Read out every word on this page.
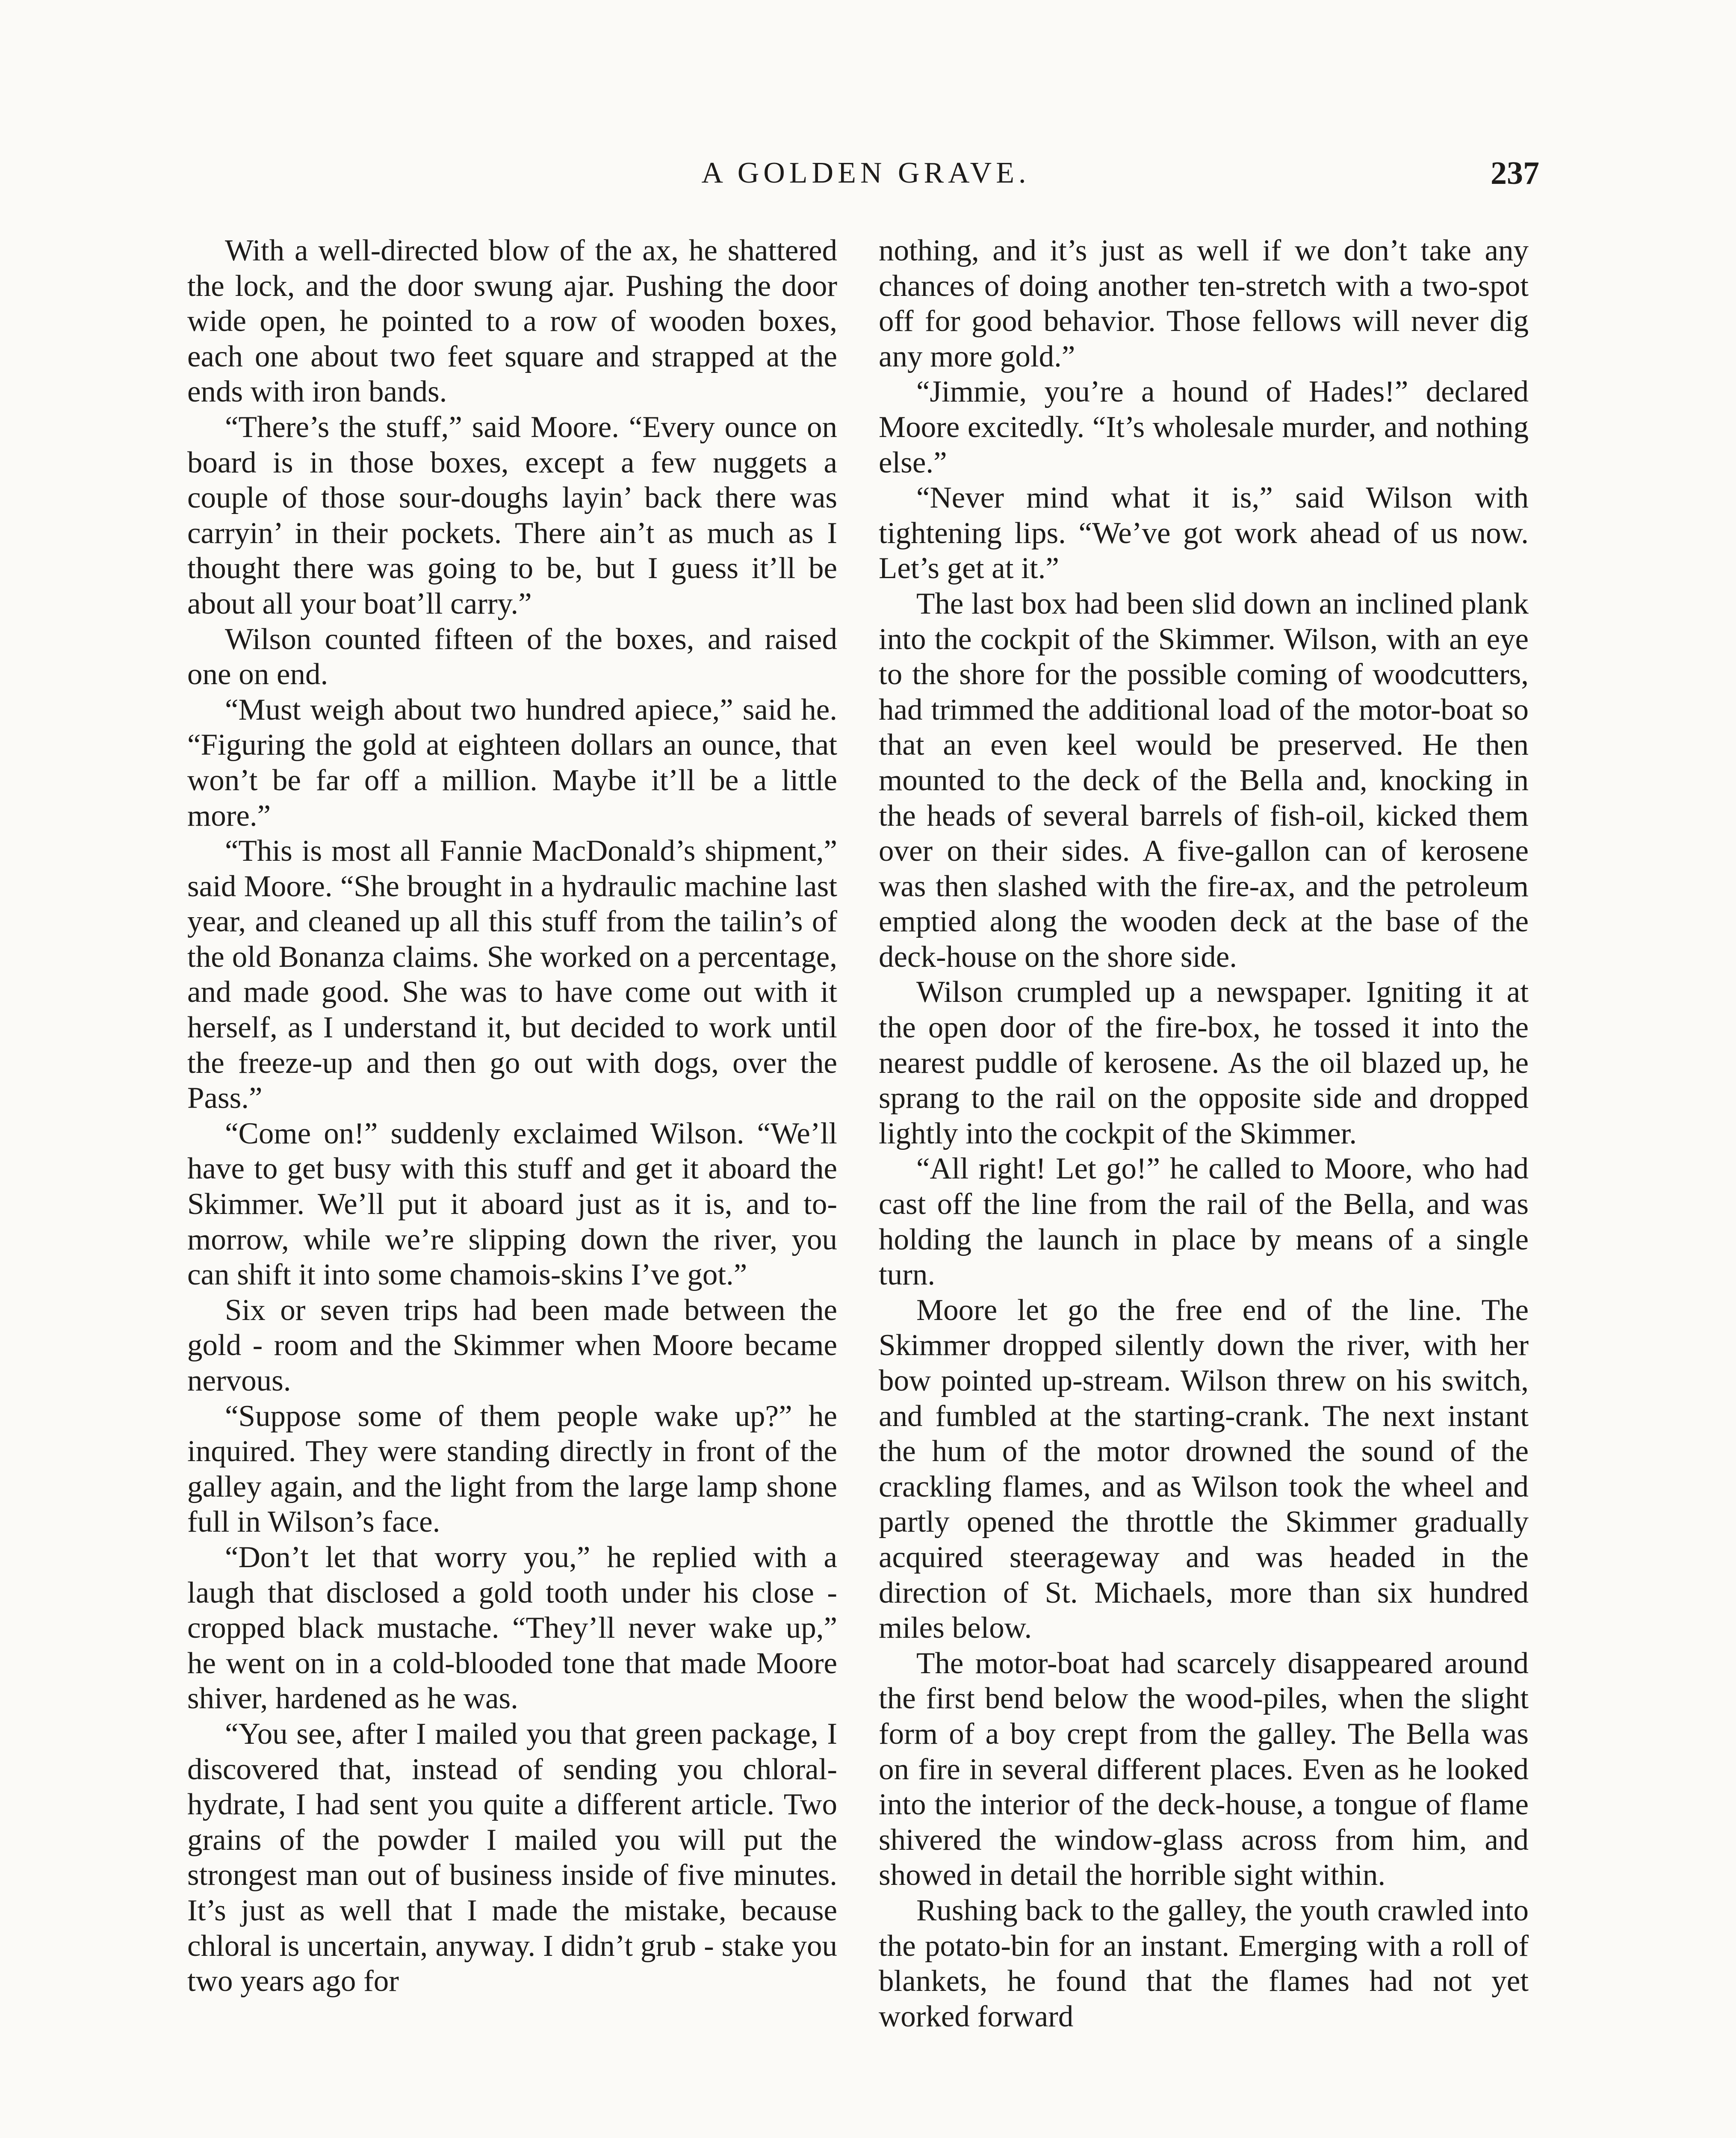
A GOLDEN GRAVE.	237

With a well-directed blow of the ax, he shattered the lock, and the door swung ajar. Pushing the door wide open, he pointed to a row of wooden boxes, each one about two feet square and strapped at the ends with iron bands.

“There’s the stuff,” said Moore. “Every ounce on board is in those boxes, except a few nuggets a couple of those sour-doughs layin’ back there was carryin’ in their pockets. There ain’t as much as I thought there was going to be, but I guess it’ll be about all your boat’ll carry.”

Wilson counted fifteen of the boxes, and raised one on end.

“Must weigh about two hundred apiece,” said he. “Figuring the gold at eighteen dollars an ounce, that won’t be far off a million. Maybe it’ll be a little more.”

“This is most all Fannie MacDonald’s shipment,” said Moore. “She brought in a hydraulic machine last year, and cleaned up all this stuff from the tailin’s of the old Bonanza claims. She worked on a percentage, and made good. She was to have come out with it herself, as I understand it, but decided to work until the freeze-up and then go out with dogs, over the Pass.”

“Come on!” suddenly exclaimed Wilson. “We’ll have to get busy with this stuff and get it aboard the Skimmer. We’ll put it aboard just as it is, and to-morrow, while we’re slipping down the river, you can shift it into some chamois-skins I’ve got.”

Six or seven trips had been made between the gold - room and the Skimmer when Moore became nervous.

“Suppose some of them people wake up?” he inquired. They were standing directly in front of the galley again, and the light from the large lamp shone full in Wilson’s face.

“Don’t let that worry you,” he replied with a laugh that disclosed a gold tooth under his close - cropped black mustache. “They’ll never wake up,” he went on in a cold-blooded tone that made Moore shiver, hardened as he was.

“You see, after I mailed you that green package, I discovered that, instead of sending you chloral-hydrate, I had sent you quite a different article. Two grains of the powder I mailed you will put the strongest man out of business inside of five minutes. It’s just as well that I made the mistake, because chloral is uncertain, anyway. I didn’t grub - stake you two years ago for

nothing, and it’s just as well if we don’t take any chances of doing another ten-stretch with a two-spot off for good behavior. Those fellows will never dig any more gold.”

“Jimmie, you’re a hound of Hades!” declared Moore excitedly. “It’s wholesale murder, and nothing else.”

“Never mind what it is,” said Wilson with tightening lips. “We’ve got work ahead of us now. Let’s get at it.”

The last box had been slid down an inclined plank into the cockpit of the Skimmer. Wilson, with an eye to the shore for the possible coming of woodcutters, had trimmed the additional load of the motor-boat so that an even keel would be preserved. He then mounted to the deck of the Bella and, knocking in the heads of several barrels of fish-oil, kicked them over on their sides. A five-gallon can of kerosene was then slashed with the fire-ax, and the petroleum emptied along the wooden deck at the base of the deck-house on the shore side.

Wilson crumpled up a newspaper. Igniting it at the open door of the fire-box, he tossed it into the nearest puddle of kerosene. As the oil blazed up, he sprang to the rail on the opposite side and dropped lightly into the cockpit of the Skimmer.

“All right! Let go!” he called to Moore, who had cast off the line from the rail of the Bella, and was holding the launch in place by means of a single turn.

Moore let go the free end of the line. The Skimmer dropped silently down the river, with her bow pointed up-stream. Wilson threw on his switch, and fumbled at the starting-crank. The next instant the hum of the motor drowned the sound of the crackling flames, and as Wilson took the wheel and partly opened the throttle the Skimmer gradually acquired steerageway and was headed in the direction of St. Michaels, more than six hundred miles below.

The motor-boat had scarcely disappeared around the first bend below the wood-piles, when the slight form of a boy crept from the galley. The Bella was on fire in several different places. Even as he looked into the interior of the deck-house, a tongue of flame shivered the window-glass across from him, and showed in detail the horrible sight within.

Rushing back to the galley, the youth crawled into the potato-bin for an instant. Emerging with a roll of blankets, he found that the flames had not yet worked forward
